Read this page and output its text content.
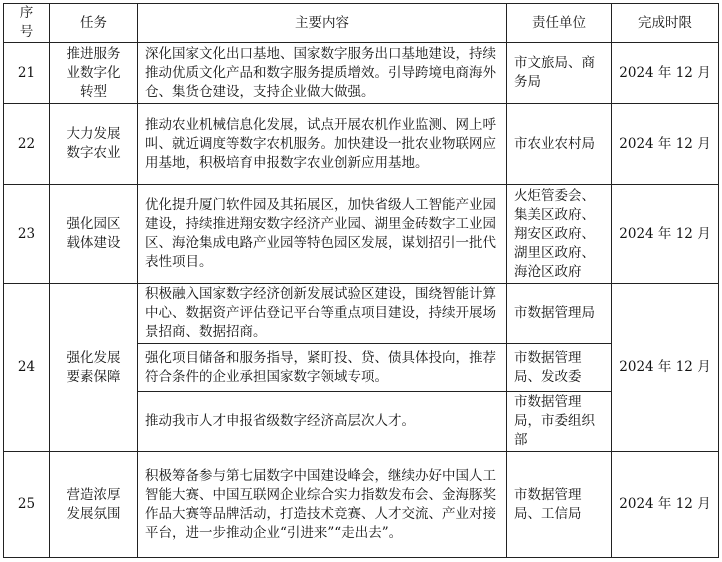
序号	任务	主要内容	责任单位	完成时限
21	推进服务业数字化转型	深化国家文化出口基地、国家数字服务出口基地建设，持续推动优质文化产品和数字服务提质增效。引导跨境电商海外仓、集货仓建设，支持企业做大做强。	市文旅局、商务局	2024 年 12 月
22	大力发展数字农业	推动农业机械信息化发展，试点开展农机作业监测、网上呼叫、就近调度等数字农机服务。加快建设一批农业物联网应用基地，积极培育申报数字农业创新应用基地。	市农业农村局	2024 年 12 月
23	强化园区载体建设	优化提升厦门软件园及其拓展区，加快省级人工智能产业园建设，持续推进翔安数字经济产业园、湖里金砖数字工业园区、海沧集成电路产业园等特色园区发展，谋划招引一批代表性项目。	火炬管委会、集美区政府、翔安区政府、湖里区政府、海沧区政府	2024 年 12 月
24	强化发展要素保障	积极融入国家数字经济创新发展试验区建设，围绕智能计算中心、数据资产评估登记平台等重点项目建设，持续开展场景招商、数据招商。	市数据管理局	2024 年 12 月
		强化项目储备和服务指导，紧盯投、贷、债具体投向，推荐符合条件的企业承担国家数字领域专项。	市数据管理局、发改委	
		推动我市人才申报省级数字经济高层次人才。	市数据管理局，市委组织部	
25	营造浓厚发展氛围	积极筹备参与第七届数字中国建设峰会，继续办好中国人工智能大赛、中国互联网企业综合实力指数发布会、金海豚奖作品大赛等品牌活动，打造技术竞赛、人才交流、产业对接平台，进一步推动企业“引进来”“走出去”。	市数据管理局、工信局	2024 年 12 月
